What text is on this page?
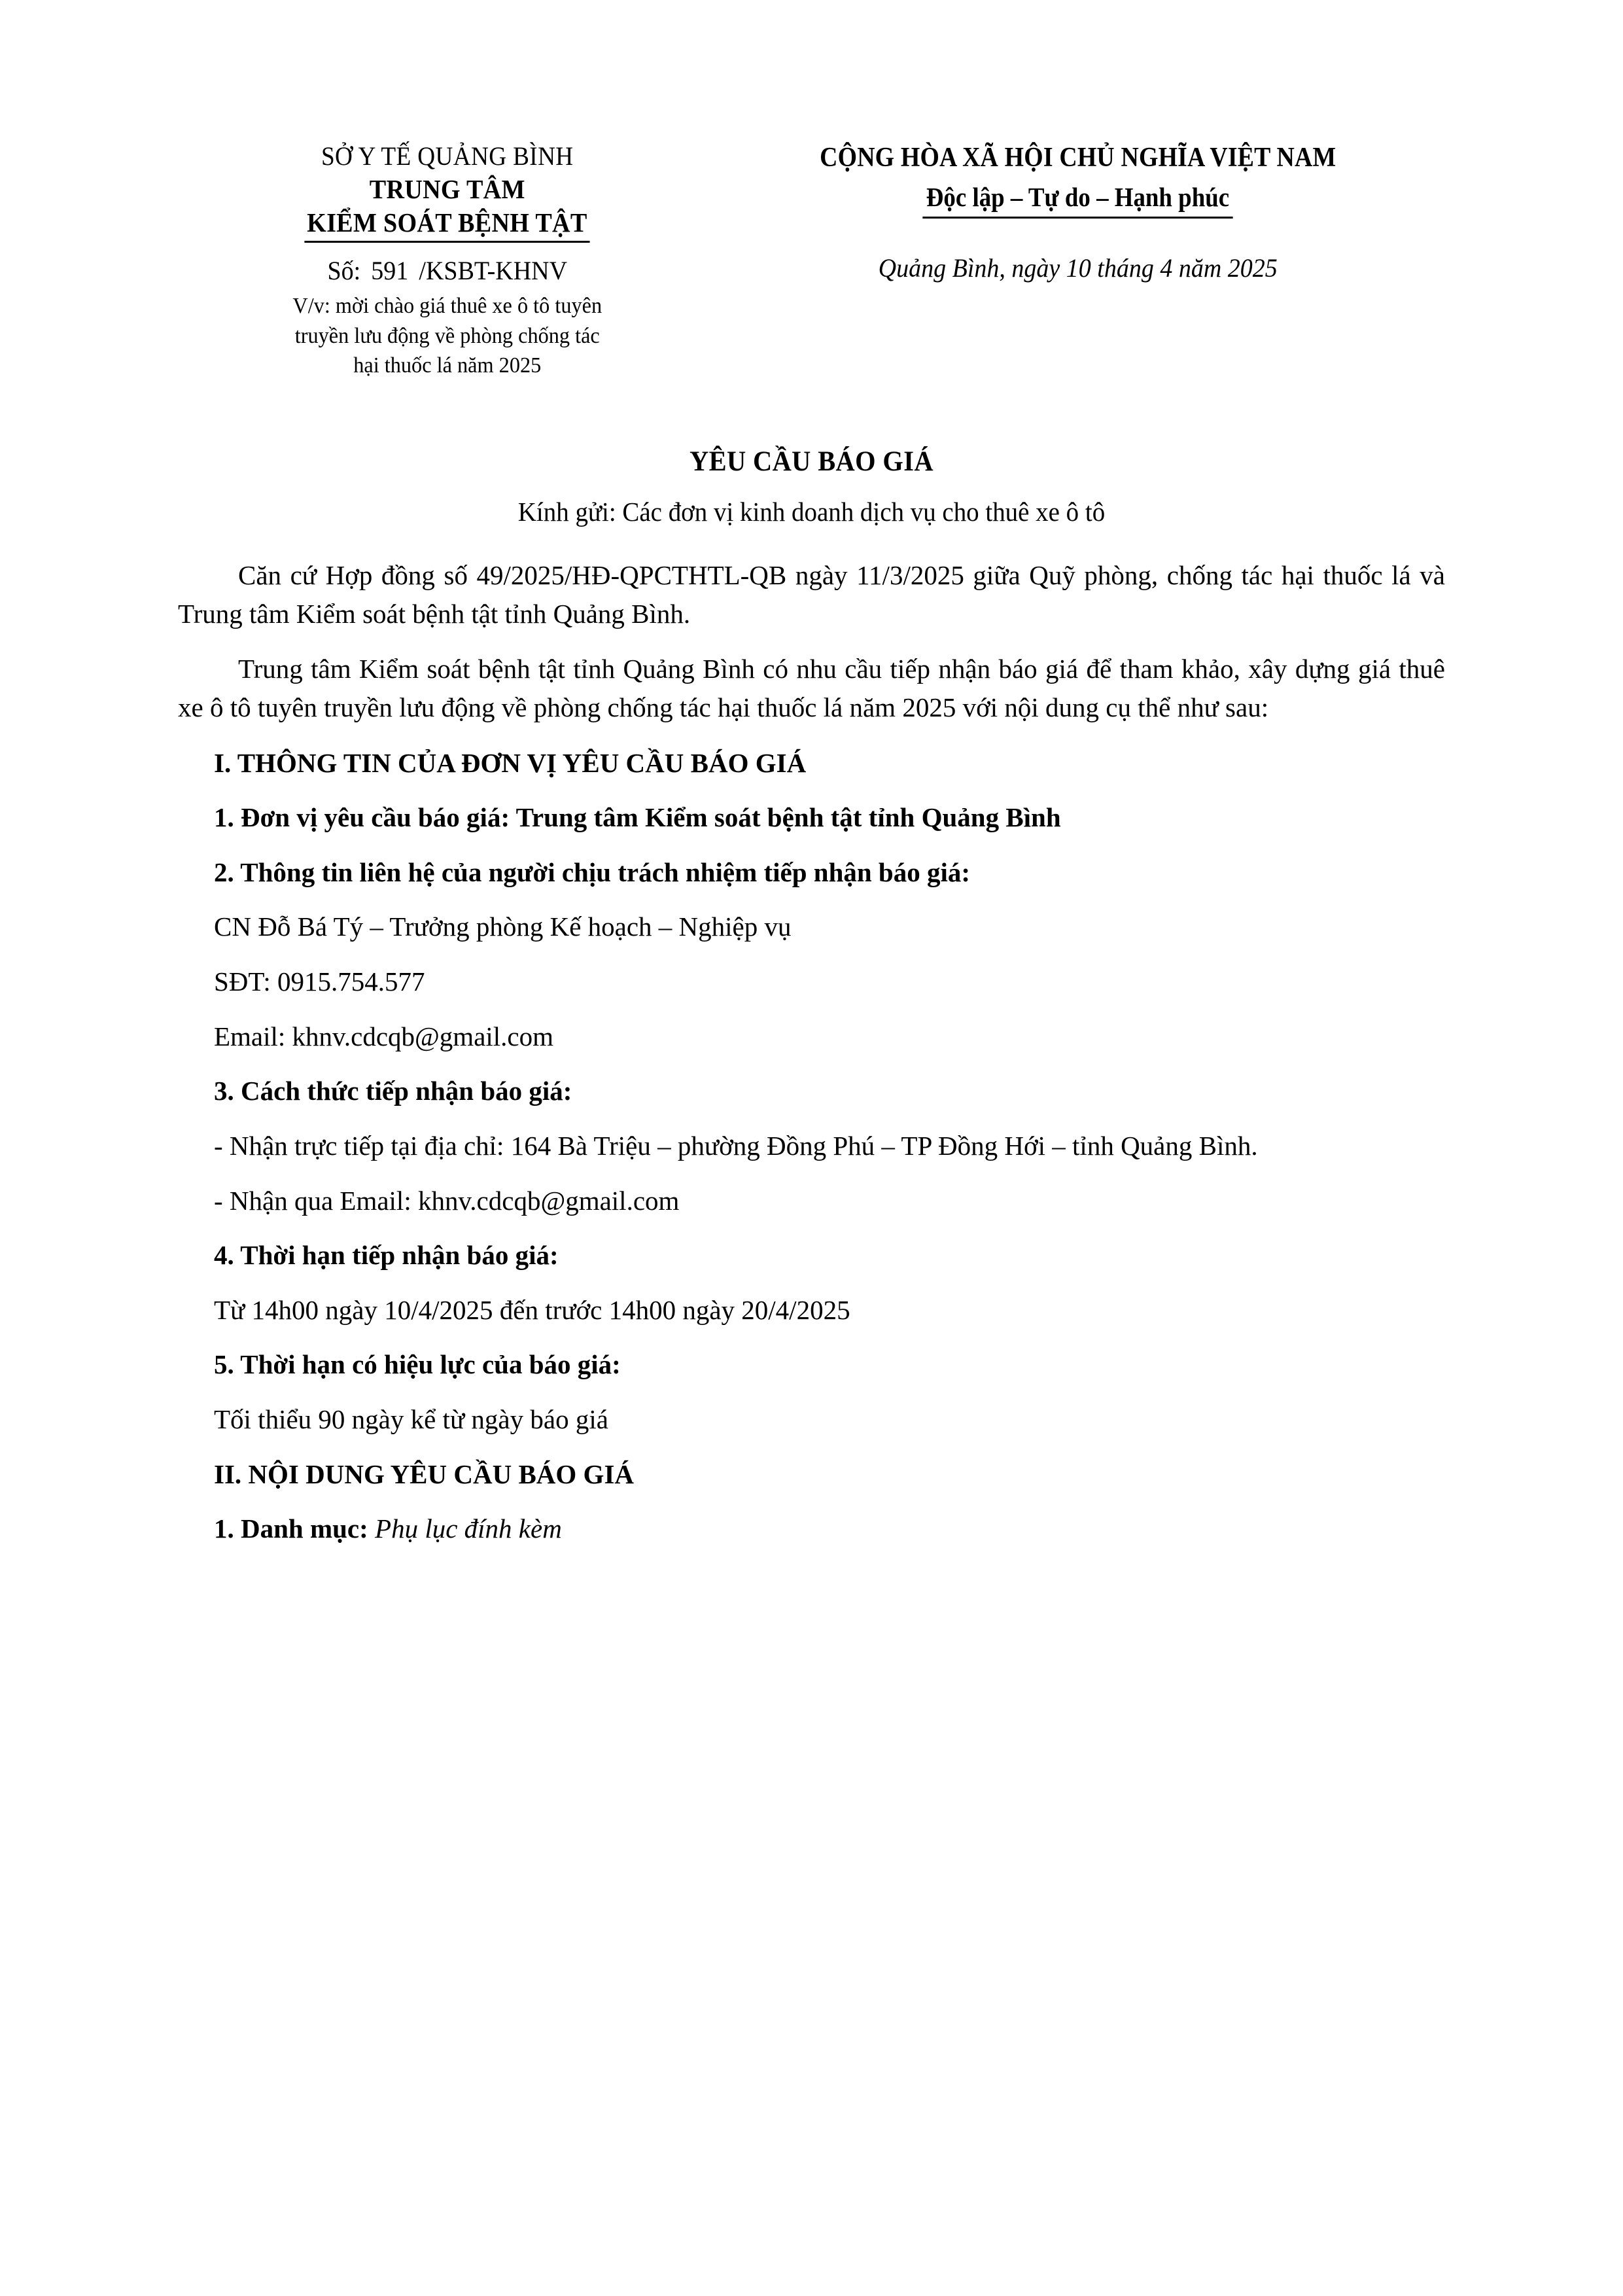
SỞ Y TẾ QUẢNG BÌNH
TRUNG TÂM
KIỂM SOÁT BỆNH TẬT
Số: 591 /KSBT-KHNV
V/v: mời chào giá thuê xe ô tô tuyên
truyền lưu động về phòng chống tác
hại thuốc lá năm 2025
CỘNG HÒA XÃ HỘI CHỦ NGHĨA VIỆT NAM
Độc lập – Tự do – Hạnh phúc
Quảng Bình, ngày 10 tháng 4 năm 2025
YÊU CẦU BÁO GIÁ
Kính gửi: Các đơn vị kinh doanh dịch vụ cho thuê xe ô tô

Căn cứ Hợp đồng số 49/2025/HĐ-QPCTHTL-QB ngày 11/3/2025 giữa Quỹ phòng, chống tác hại thuốc lá và Trung tâm Kiểm soát bệnh tật tỉnh Quảng Bình.

Trung tâm Kiểm soát bệnh tật tỉnh Quảng Bình có nhu cầu tiếp nhận báo giá để tham khảo, xây dựng giá thuê xe ô tô tuyên truyền lưu động về phòng chống tác hại thuốc lá năm 2025 với nội dung cụ thể như sau:

I. THÔNG TIN CỦA ĐƠN VỊ YÊU CẦU BÁO GIÁ

1. Đơn vị yêu cầu báo giá: Trung tâm Kiểm soát bệnh tật tỉnh Quảng Bình

2. Thông tin liên hệ của người chịu trách nhiệm tiếp nhận báo giá:

CN Đỗ Bá Tý – Trưởng phòng Kế hoạch – Nghiệp vụ

SĐT: 0915.754.577

Email: khnv.cdcqb@gmail.com

3. Cách thức tiếp nhận báo giá:

- Nhận trực tiếp tại địa chỉ: 164 Bà Triệu – phường Đồng Phú – TP Đồng Hới – tỉnh Quảng Bình.

- Nhận qua Email: khnv.cdcqb@gmail.com

4. Thời hạn tiếp nhận báo giá:

Từ 14h00 ngày 10/4/2025 đến trước 14h00 ngày 20/4/2025

5. Thời hạn có hiệu lực của báo giá:

Tối thiểu 90 ngày kể từ ngày báo giá

II. NỘI DUNG YÊU CẦU BÁO GIÁ

1. Danh mục: Phụ lục đính kèm
